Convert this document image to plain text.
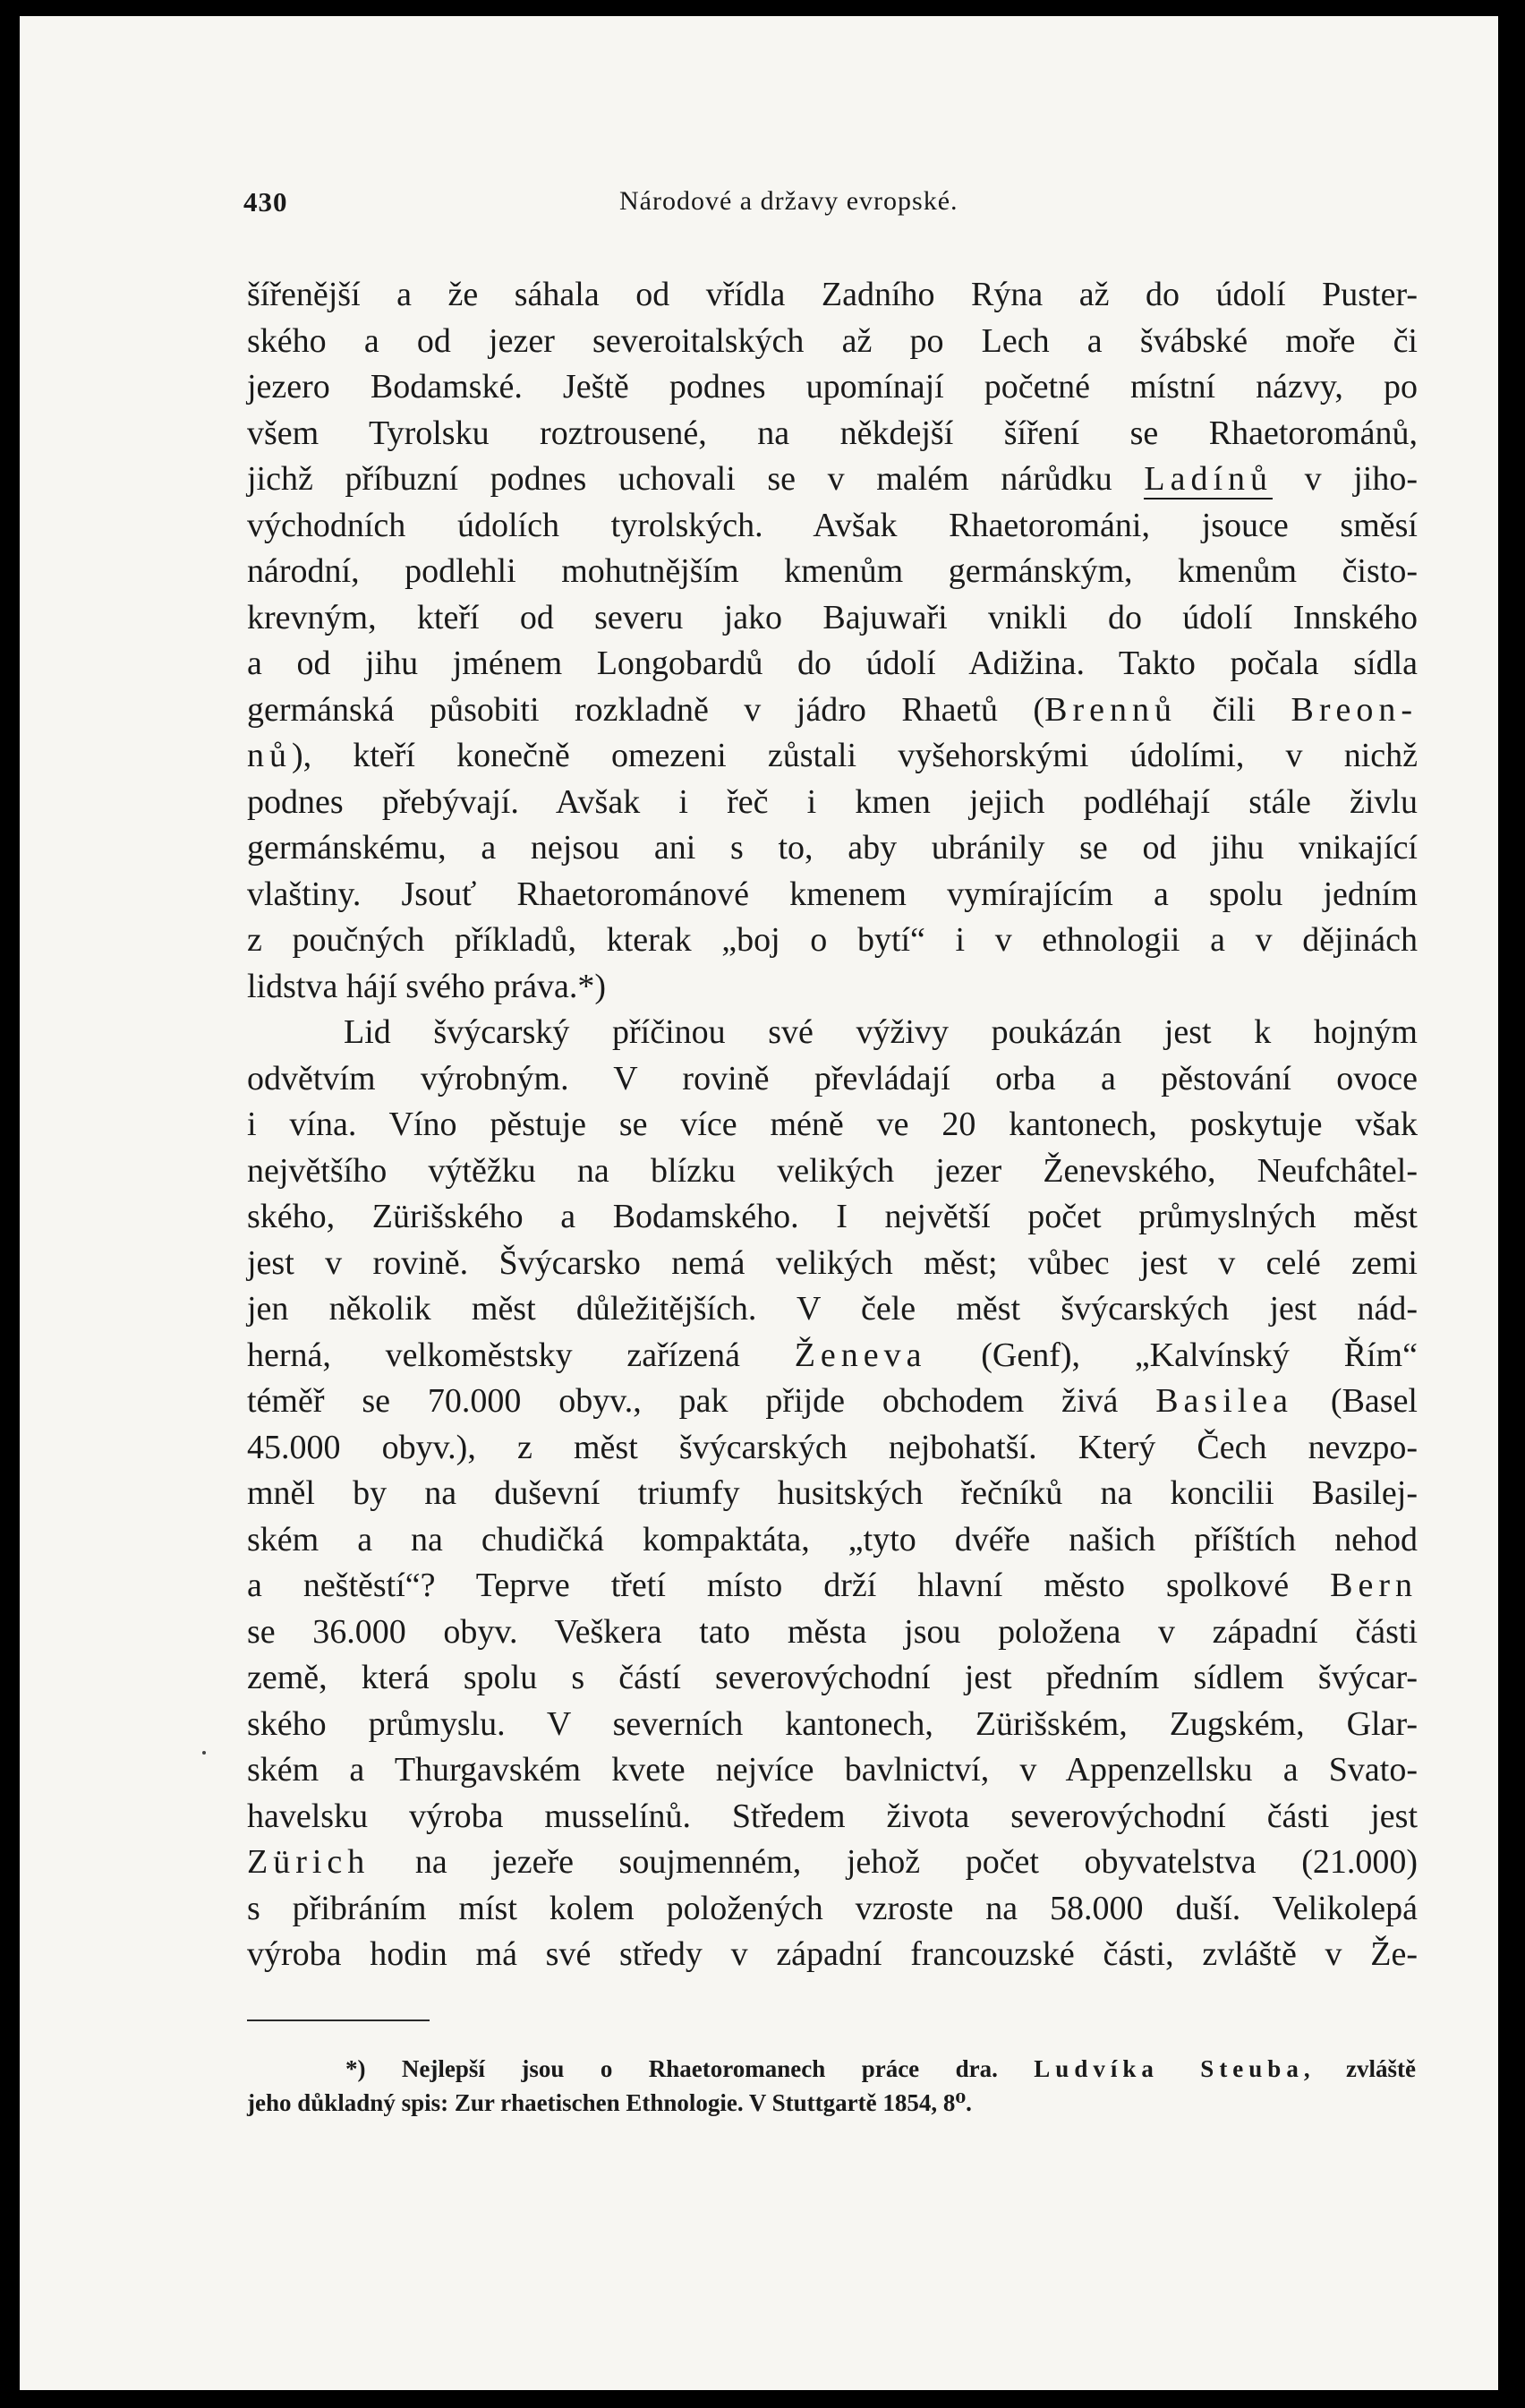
430	Národové a državy evropské.
šířenější a že sáhala od vřídla Zadního Rýna až do údolí Puster-
ského a od jezer severoitalských až po Lech a švábské moře či
jezero Bodamské. Ještě podnes upomínají početné místní názvy, po
všem Tyrolsku roztrousené, na někdejší šíření se Rhaetorománů,
jichž příbuzní podnes uchovali se v malém nárůdku Ladínů v jiho-
východních údolích tyrolských. Avšak Rhaetorománi, jsouce směsí
národní, podlehli mohutnějším kmenům germánským, kmenům čisto-
krevným, kteří od severu jako Bajuwaři vnikli do údolí Innského
a od jihu jménem Longobardů do údolí Adižina. Takto počala sídla
germánská působiti rozkladně v jádro Rhaetů (Brennů čili Breon-
nů), kteří konečně omezeni zůstali vyšehorskými údolími, v nichž
podnes přebývají. Avšak i řeč i kmen jejich podléhají stále živlu
germánskému, a nejsou ani s to, aby ubránily se od jihu vnikající
vlaštiny. Jsouť Rhaetorománové kmenem vymírajícím a spolu jedním
z poučných příkladů, kterak „boj o bytí“ i v ethnologii a v dějinách
lidstva hájí svého práva.*)
Lid švýcarský příčinou své výživy poukázán jest k hojným
odvětvím výrobným. V rovině převládají orba a pěstování ovoce
i vína. Víno pěstuje se více méně ve 20 kantonech, poskytuje však
největšího výtěžku na blízku velikých jezer Ženevského, Neufchâtel-
ského, Zürišského a Bodamského. I největší počet průmyslných měst
jest v rovině. Švýcarsko nemá velikých měst; vůbec jest v celé zemi
jen několik měst důležitějších. V čele měst švýcarských jest nád-
herná, velkoměstsky zařízená Ženeva (Genf), „Kalvínský Řím“
téměř se 70.000 obyv., pak přijde obchodem živá Basilea (Basel
45.000 obyv.), z měst švýcarských nejbohatší. Který Čech nevzpo-
mněl by na duševní triumfy husitských řečníků na koncilii Basilej-
ském a na chudičká kompaktáta, „tyto dvéře našich příštích nehod
a neštěstí“? Teprve třetí místo drží hlavní město spolkové Bern
se 36.000 obyv. Veškera tato města jsou položena v západní části
země, která spolu s částí severovýchodní jest předním sídlem švýcar-
ského průmyslu. V severních kantonech, Zürišském, Zugském, Glar-
ském a Thurgavském kvete nejvíce bavlnictví, v Appenzellsku a Svato-
havelsku výroba musselínů. Středem života severovýchodní části jest
Zürich na jezeře soujmenném, jehož počet obyvatelstva (21.000)
s přibráním míst kolem položených vzroste na 58.000 duší. Velikolepá
výroba hodin má své středy v západní francouzské části, zvláště v Že-
*) Nejlepší jsou o Rhaetoromanech práce dra. Ludvíka Steuba, zvláště
jeho důkladný spis: Zur rhaetischen Ethnologie. V Stuttgartě 1854, 8⁰.
